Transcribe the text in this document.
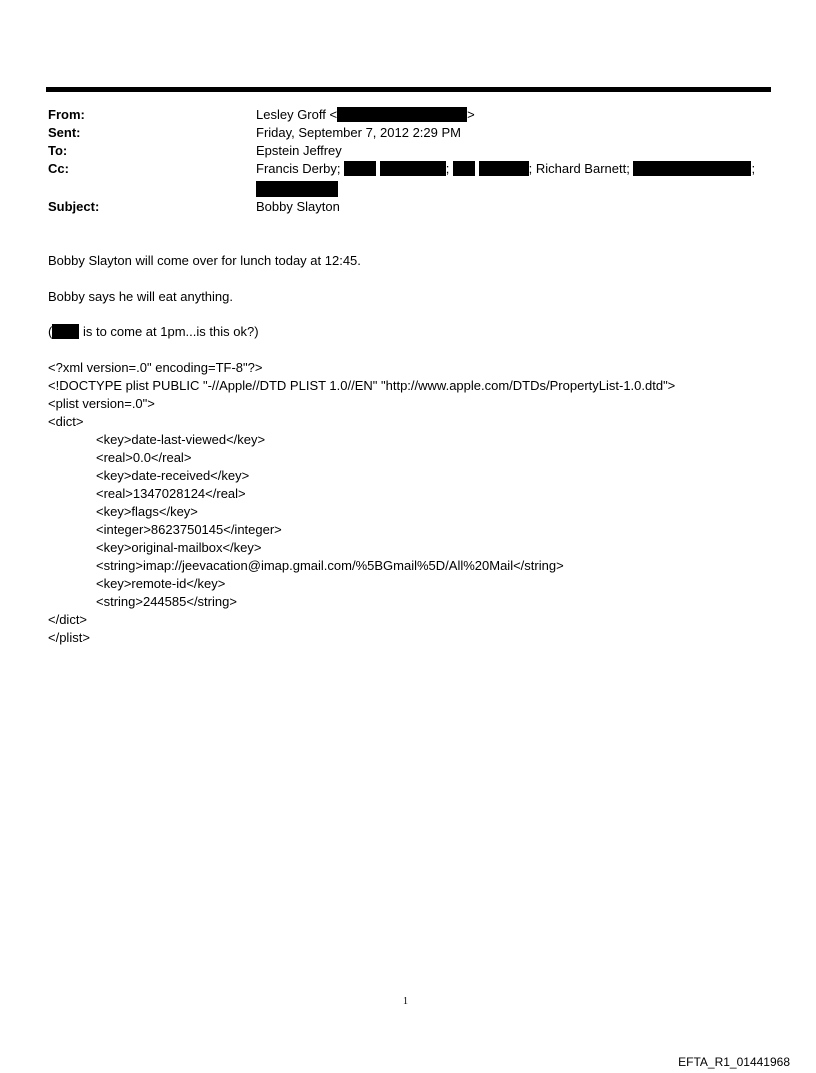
From:	Lesley Groff <	>
Sent:	Friday, September 7, 2012 2:29 PM
To:	Epstein Jeffrey
Cc:	Francis Derby;	;	; Richard Barnett;	;
Subject:	Bobby Slayton
Bobby Slayton will come over for lunch today at 12:45.
Bobby says he will eat anything.
( is to come at 1pm...is this ok?)
<?xml version=.0" encoding=TF-8"?>
<!DOCTYPE plist PUBLIC "-//Apple//DTD PLIST 1.0//EN" "http://www.apple.com/DTDs/PropertyList-1.0.dtd">
<plist version=.0">
<dict>
<key>date-last-viewed</key>
<real>0.0</real>
<key>date-received</key>
<real>1347028124</real>
<key>flags</key>
<integer>8623750145</integer>
<key>original-mailbox</key>
<string>imap://jeevacation@imap.gmail.com/%5BGmail%5D/All%20Mail</string>
<key>remote-id</key>
<string>244585</string>
</dict>
</plist>
1
EFTA_R1_01441968
